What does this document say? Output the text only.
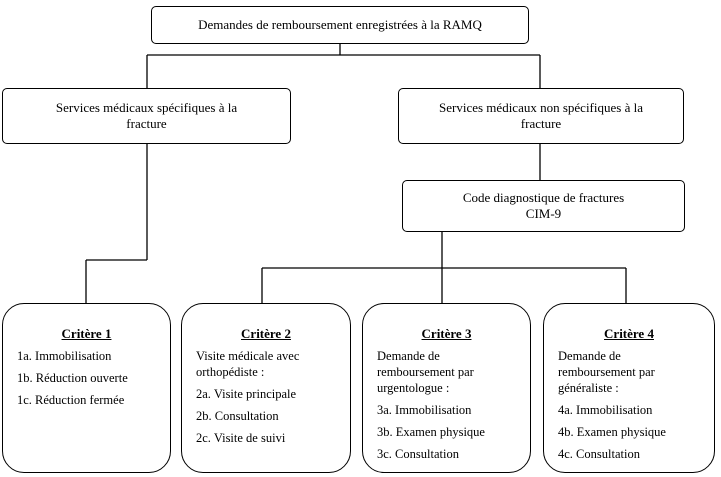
Demandes de remboursement enregistrées à la RAMQ
Services médicaux spécifiques à la
fracture
Services médicaux non spécifiques à la
fracture
Code diagnostique de fractures
CIM-9
Critère 1
1a. Immobilisation
1b. Réduction ouverte
1c. Réduction fermée
Critère 2
Visite médicale avec
orthopédiste :
2a. Visite principale
2b. Consultation
2c. Visite de suivi
Critère 3
Demande de
remboursement par
urgentologue :
3a. Immobilisation
3b. Examen physique
3c. Consultation
Critère 4
Demande de
remboursement par
généraliste :
4a. Immobilisation
4b. Examen physique
4c. Consultation
